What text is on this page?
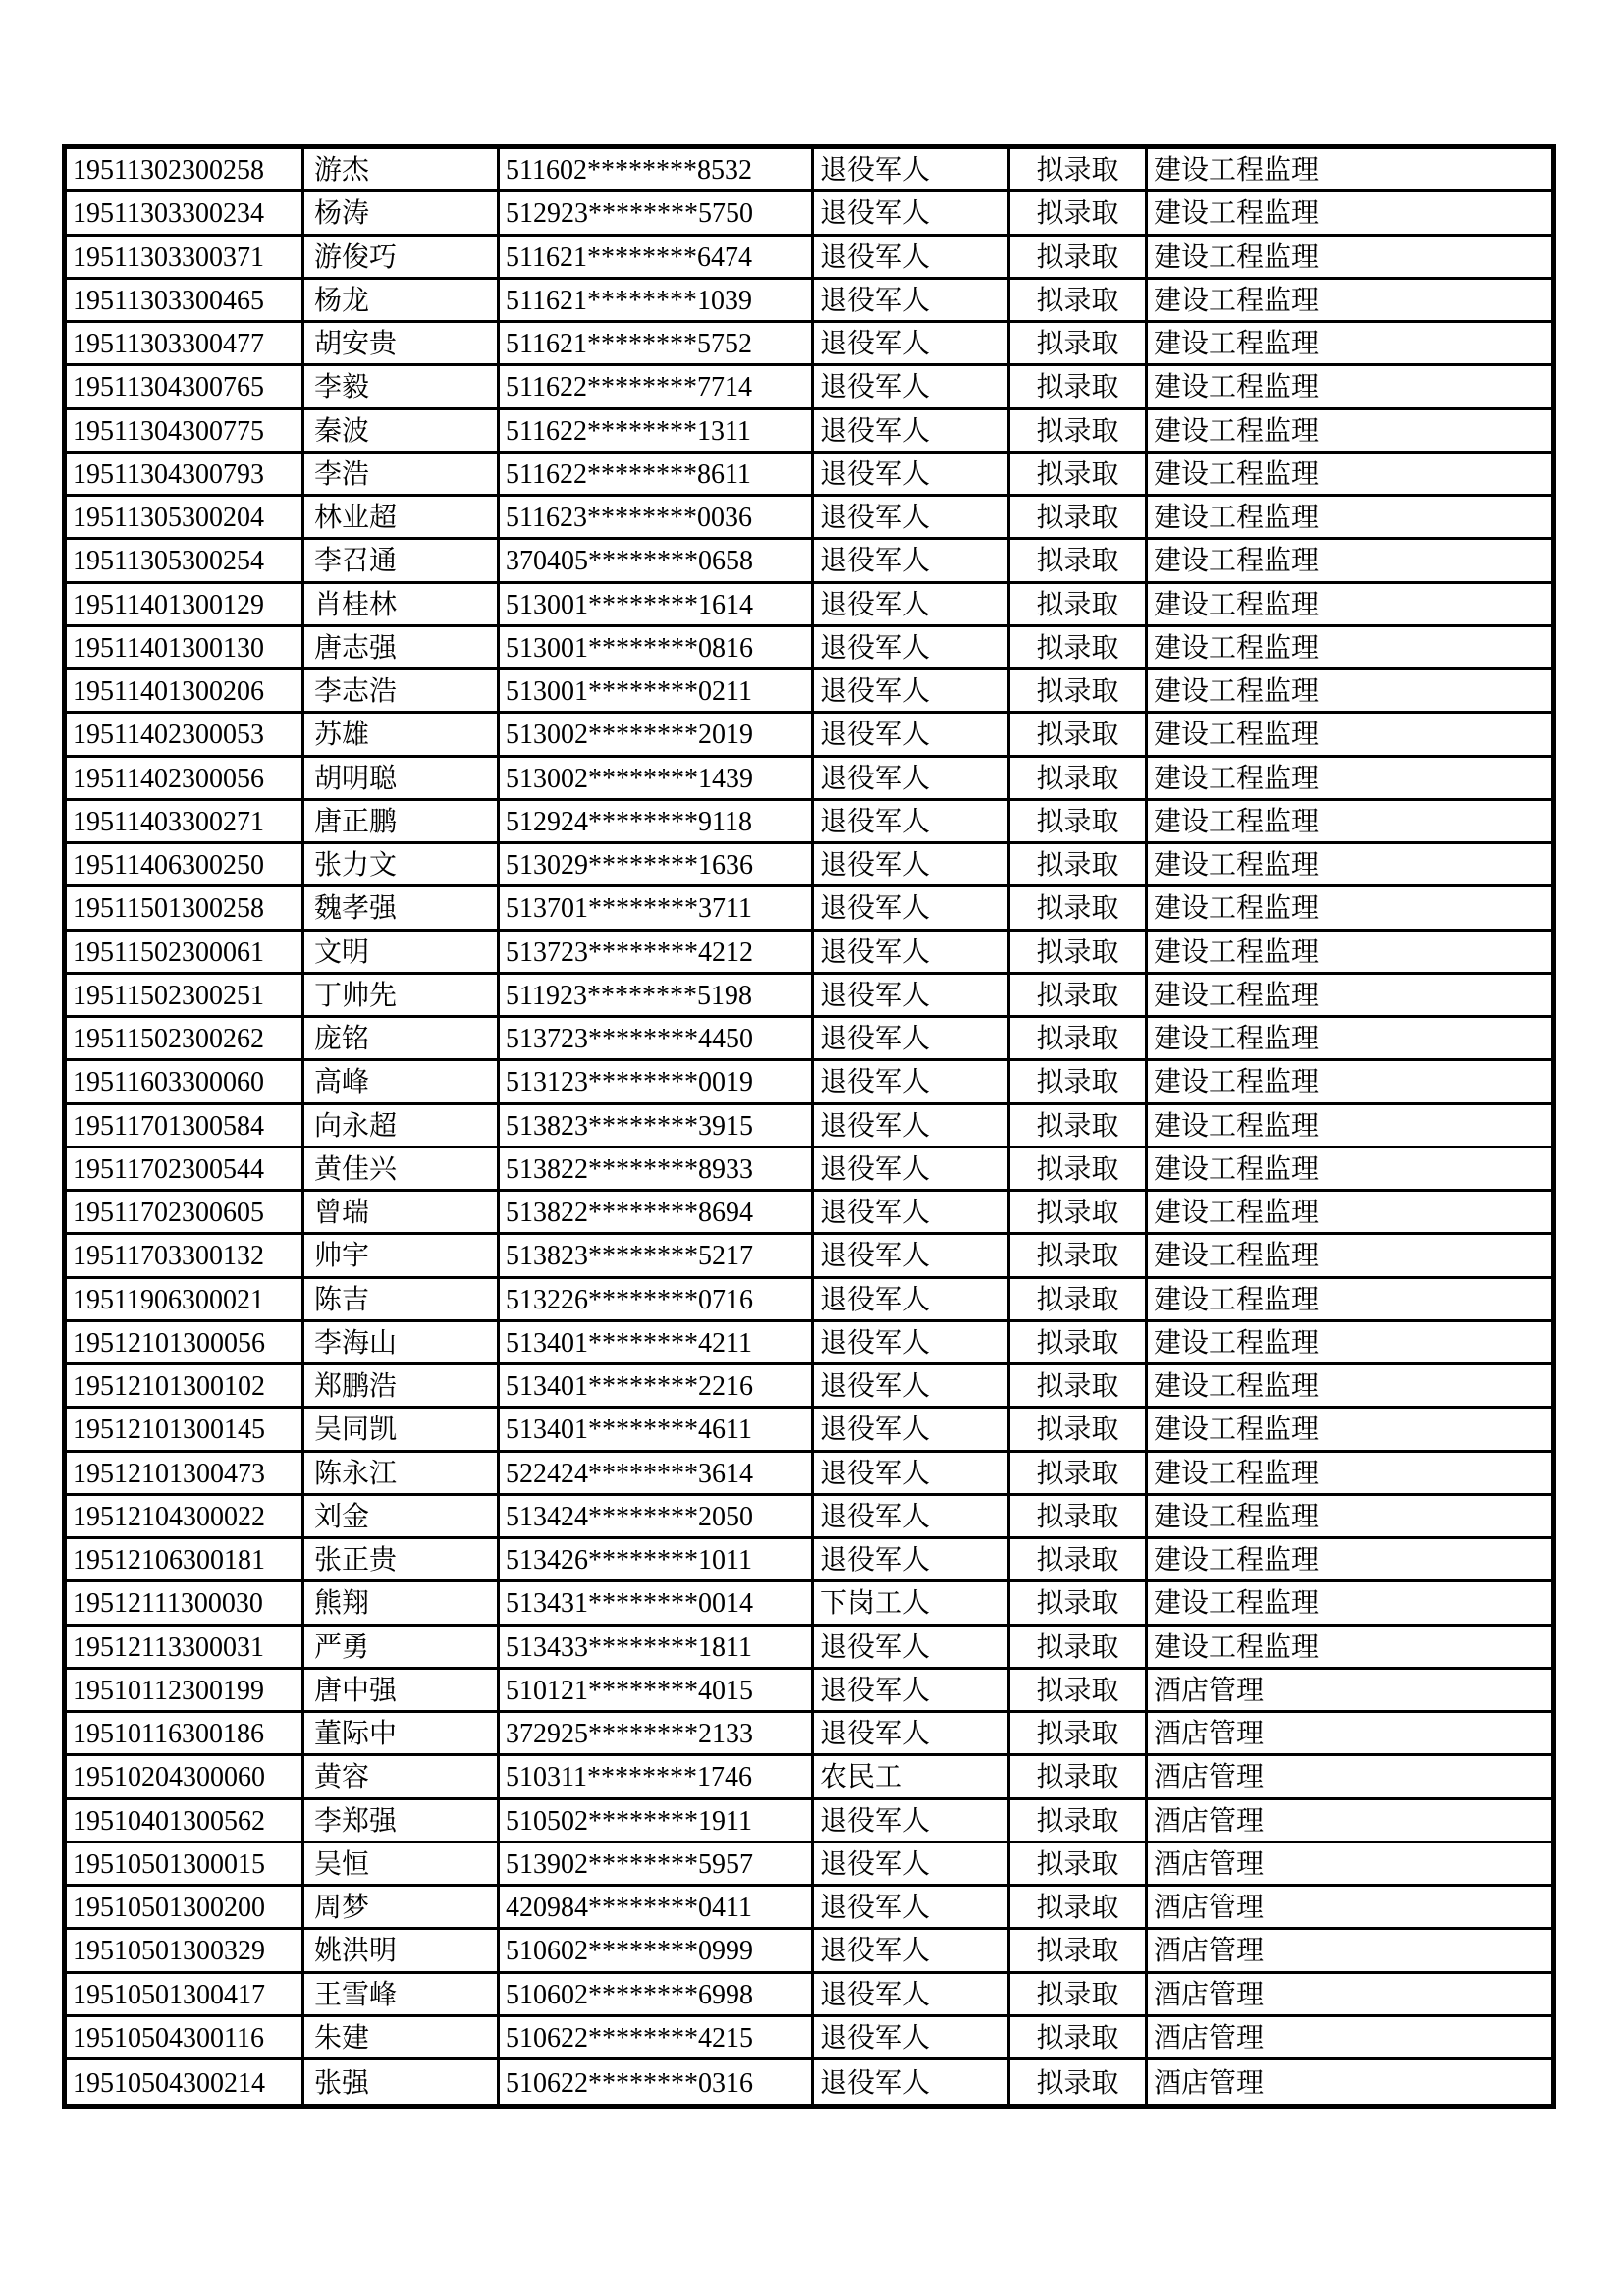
19511302300258	游杰	511602********8532	退役军人	拟录取	建设工程监理
19511303300234	杨涛	512923********5750	退役军人	拟录取	建设工程监理
19511303300371	游俊巧	511621********6474	退役军人	拟录取	建设工程监理
19511303300465	杨龙	511621********1039	退役军人	拟录取	建设工程监理
19511303300477	胡安贵	511621********5752	退役军人	拟录取	建设工程监理
19511304300765	李毅	511622********7714	退役军人	拟录取	建设工程监理
19511304300775	秦波	511622********1311	退役军人	拟录取	建设工程监理
19511304300793	李浩	511622********8611	退役军人	拟录取	建设工程监理
19511305300204	林业超	511623********0036	退役军人	拟录取	建设工程监理
19511305300254	李召通	370405********0658	退役军人	拟录取	建设工程监理
19511401300129	肖桂林	513001********1614	退役军人	拟录取	建设工程监理
19511401300130	唐志强	513001********0816	退役军人	拟录取	建设工程监理
19511401300206	李志浩	513001********0211	退役军人	拟录取	建设工程监理
19511402300053	苏雄	513002********2019	退役军人	拟录取	建设工程监理
19511402300056	胡明聪	513002********1439	退役军人	拟录取	建设工程监理
19511403300271	唐正鹏	512924********9118	退役军人	拟录取	建设工程监理
19511406300250	张力文	513029********1636	退役军人	拟录取	建设工程监理
19511501300258	魏孝强	513701********3711	退役军人	拟录取	建设工程监理
19511502300061	文明	513723********4212	退役军人	拟录取	建设工程监理
19511502300251	丁帅先	511923********5198	退役军人	拟录取	建设工程监理
19511502300262	庞铭	513723********4450	退役军人	拟录取	建设工程监理
19511603300060	高峰	513123********0019	退役军人	拟录取	建设工程监理
19511701300584	向永超	513823********3915	退役军人	拟录取	建设工程监理
19511702300544	黄佳兴	513822********8933	退役军人	拟录取	建设工程监理
19511702300605	曾瑞	513822********8694	退役军人	拟录取	建设工程监理
19511703300132	帅宇	513823********5217	退役军人	拟录取	建设工程监理
19511906300021	陈吉	513226********0716	退役军人	拟录取	建设工程监理
19512101300056	李海山	513401********4211	退役军人	拟录取	建设工程监理
19512101300102	郑鹏浩	513401********2216	退役军人	拟录取	建设工程监理
19512101300145	吴同凯	513401********4611	退役军人	拟录取	建设工程监理
19512101300473	陈永江	522424********3614	退役军人	拟录取	建设工程监理
19512104300022	刘金	513424********2050	退役军人	拟录取	建设工程监理
19512106300181	张正贵	513426********1011	退役军人	拟录取	建设工程监理
19512111300030	熊翔	513431********0014	下岗工人	拟录取	建设工程监理
19512113300031	严勇	513433********1811	退役军人	拟录取	建设工程监理
19510112300199	唐中强	510121********4015	退役军人	拟录取	酒店管理
19510116300186	董际中	372925********2133	退役军人	拟录取	酒店管理
19510204300060	黄容	510311********1746	农民工	拟录取	酒店管理
19510401300562	李郑强	510502********1911	退役军人	拟录取	酒店管理
19510501300015	吴恒	513902********5957	退役军人	拟录取	酒店管理
19510501300200	周梦	420984********0411	退役军人	拟录取	酒店管理
19510501300329	姚洪明	510602********0999	退役军人	拟录取	酒店管理
19510501300417	王雪峰	510602********6998	退役军人	拟录取	酒店管理
19510504300116	朱建	510622********4215	退役军人	拟录取	酒店管理
19510504300214	张强	510622********0316	退役军人	拟录取	酒店管理
